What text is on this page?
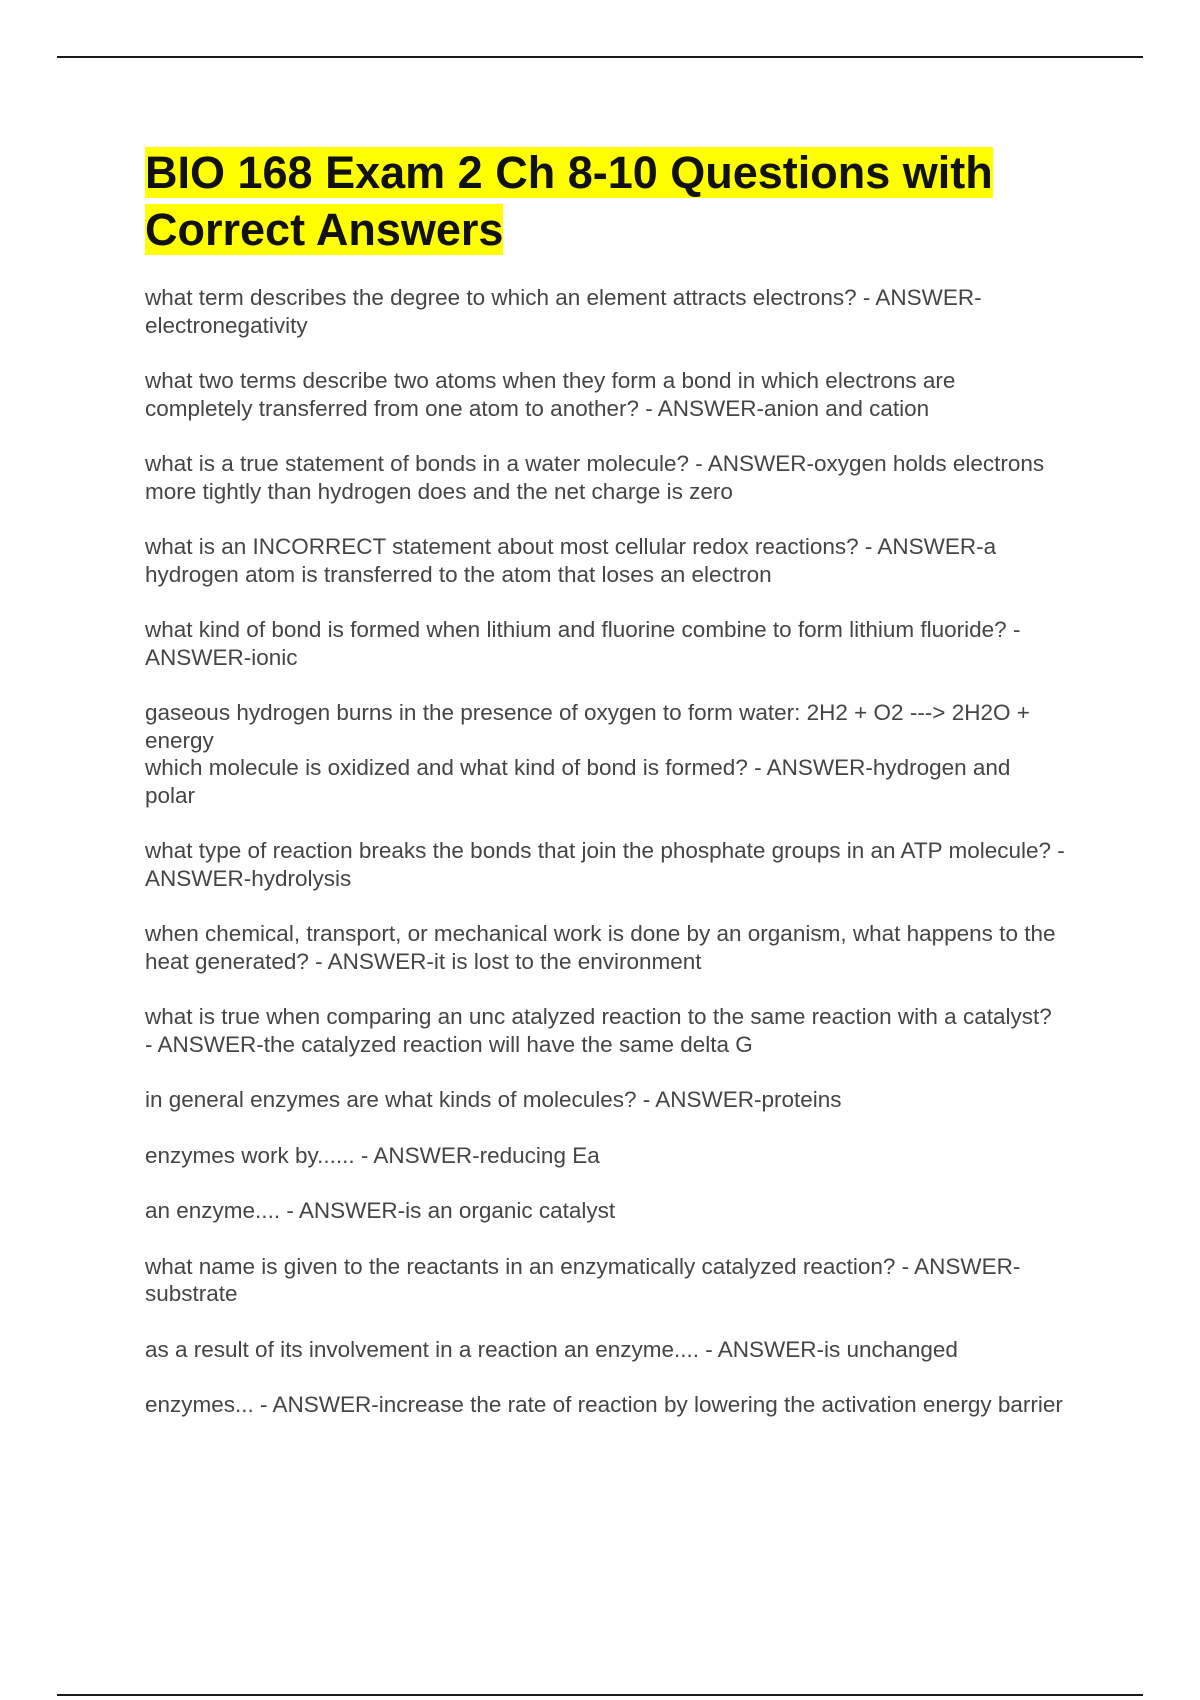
BIO 168 Exam 2 Ch 8-10 Questions with Correct Answers

what term describes the degree to which an element attracts electrons? - ANSWER-electronegativity

what two terms describe two atoms when they form a bond in which electrons are completely transferred from one atom to another? - ANSWER-anion and cation

what is a true statement of bonds in a water molecule? - ANSWER-oxygen holds electrons more tightly than hydrogen does and the net charge is zero

what is an INCORRECT statement about most cellular redox reactions? - ANSWER-a hydrogen atom is transferred to the atom that loses an electron

what kind of bond is formed when lithium and fluorine combine to form lithium fluoride? - ANSWER-ionic

gaseous hydrogen burns in the presence of oxygen to form water: 2H2 + O2 ---> 2H2O + energy
which molecule is oxidized and what kind of bond is formed? - ANSWER-hydrogen and polar

what type of reaction breaks the bonds that join the phosphate groups in an ATP molecule? - ANSWER-hydrolysis

when chemical, transport, or mechanical work is done by an organism, what happens to the heat generated? - ANSWER-it is lost to the environment

what is true when comparing an unc atalyzed reaction to the same reaction with a catalyst? - ANSWER-the catalyzed reaction will have the same delta G

in general enzymes are what kinds of molecules? - ANSWER-proteins

enzymes work by...... - ANSWER-reducing Ea

an enzyme.... - ANSWER-is an organic catalyst

what name is given to the reactants in an enzymatically catalyzed reaction? - ANSWER-substrate

as a result of its involvement in a reaction an enzyme.... - ANSWER-is unchanged

enzymes... - ANSWER-increase the rate of reaction by lowering the activation energy barrier
